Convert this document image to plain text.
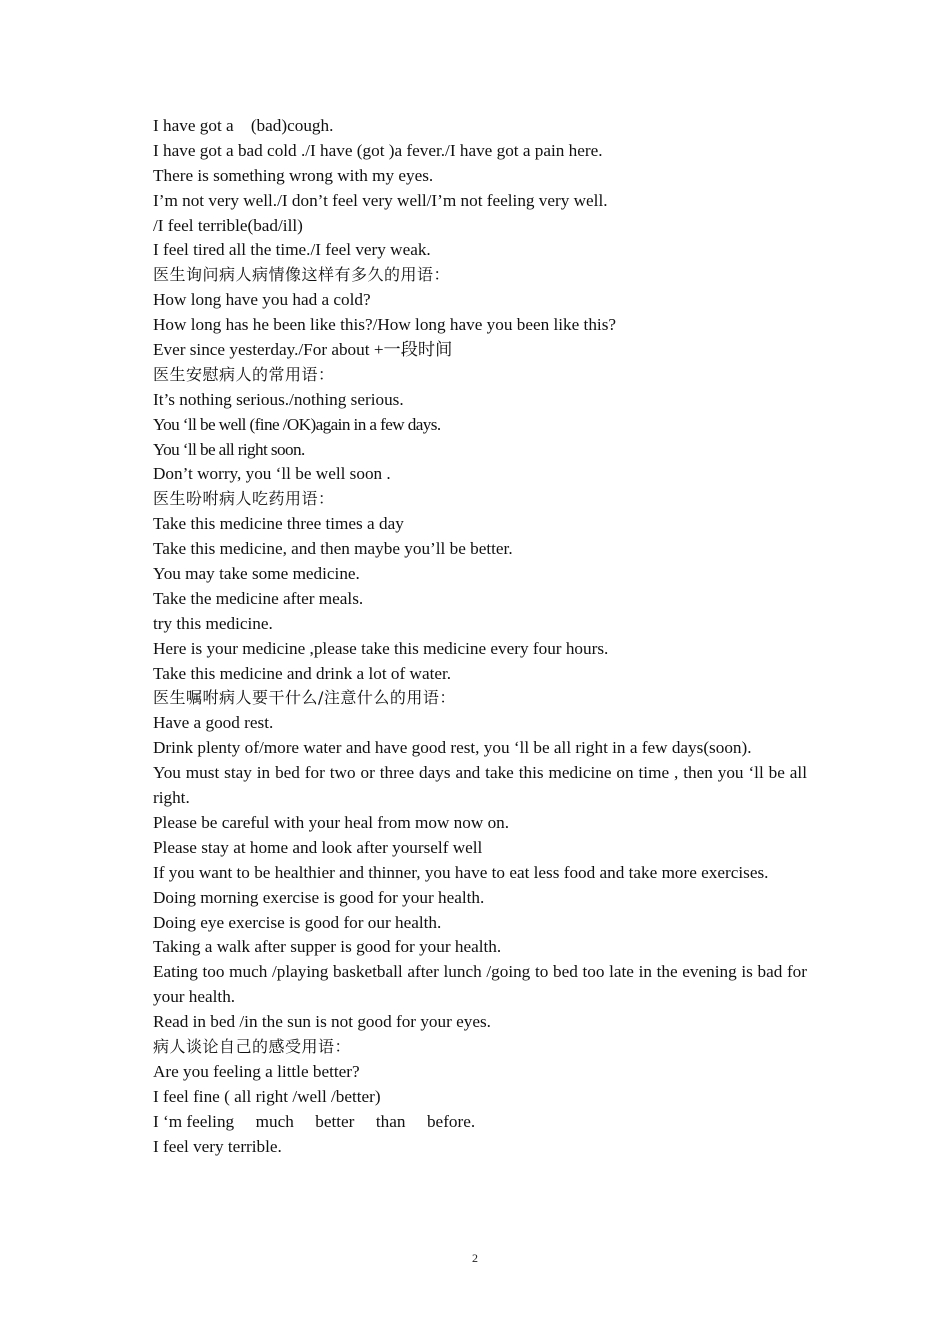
I have got a    (bad)cough.
I have got a bad cold ./I have (got )a fever./I have got a pain here.
There is something wrong with my eyes.
I’m not very well./I don’t feel very well/I’m not feeling very well.
/I feel terrible(bad/ill)
I feel tired all the time./I feel very weak.
医生询问病人病情像这样有多久的用语：
How long have you had a cold?
How long has he been like this?/How long have you been like this?
Ever since yesterday./For about +一段时间
医生安慰病人的常用语：
It’s nothing serious./nothing serious.
You ‘ll be well (fine /OK)again in a few days.
You ‘ll be all right soon.
Don’t worry, you ‘ll be well soon .
医生吩咐病人吃药用语：
Take this medicine three times a day
Take this medicine, and then maybe you’ll be better.
You may take some medicine.
Take the medicine after meals.
try this medicine.
Here is your medicine ,please take this medicine every four hours.
Take this medicine and drink a lot of water.
医生嘱咐病人要干什么/注意什么的用语：
Have a good rest.
Drink plenty of/more water and have good rest, you ‘ll be all right in a few days(soon).
You must stay in bed for two or three days and take this medicine on time , then you ‘ll be all right.
Please be careful with your heal from mow now on.
Please stay at home and look after yourself well
If you want to be healthier and thinner, you have to eat less food and take more exercises.
Doing morning exercise is good for your health.
Doing eye exercise is good for our health.
Taking a walk after supper is good for your health.
Eating too much /playing basketball after lunch /going to bed too late in the evening is bad for your health.
Read in bed /in the sun is not good for your eyes.
病人谈论自己的感受用语：
Are you feeling a little better?
I feel fine ( all right /well /better)
I ‘m feeling     much     better     than     before.
I feel very terrible.
2
